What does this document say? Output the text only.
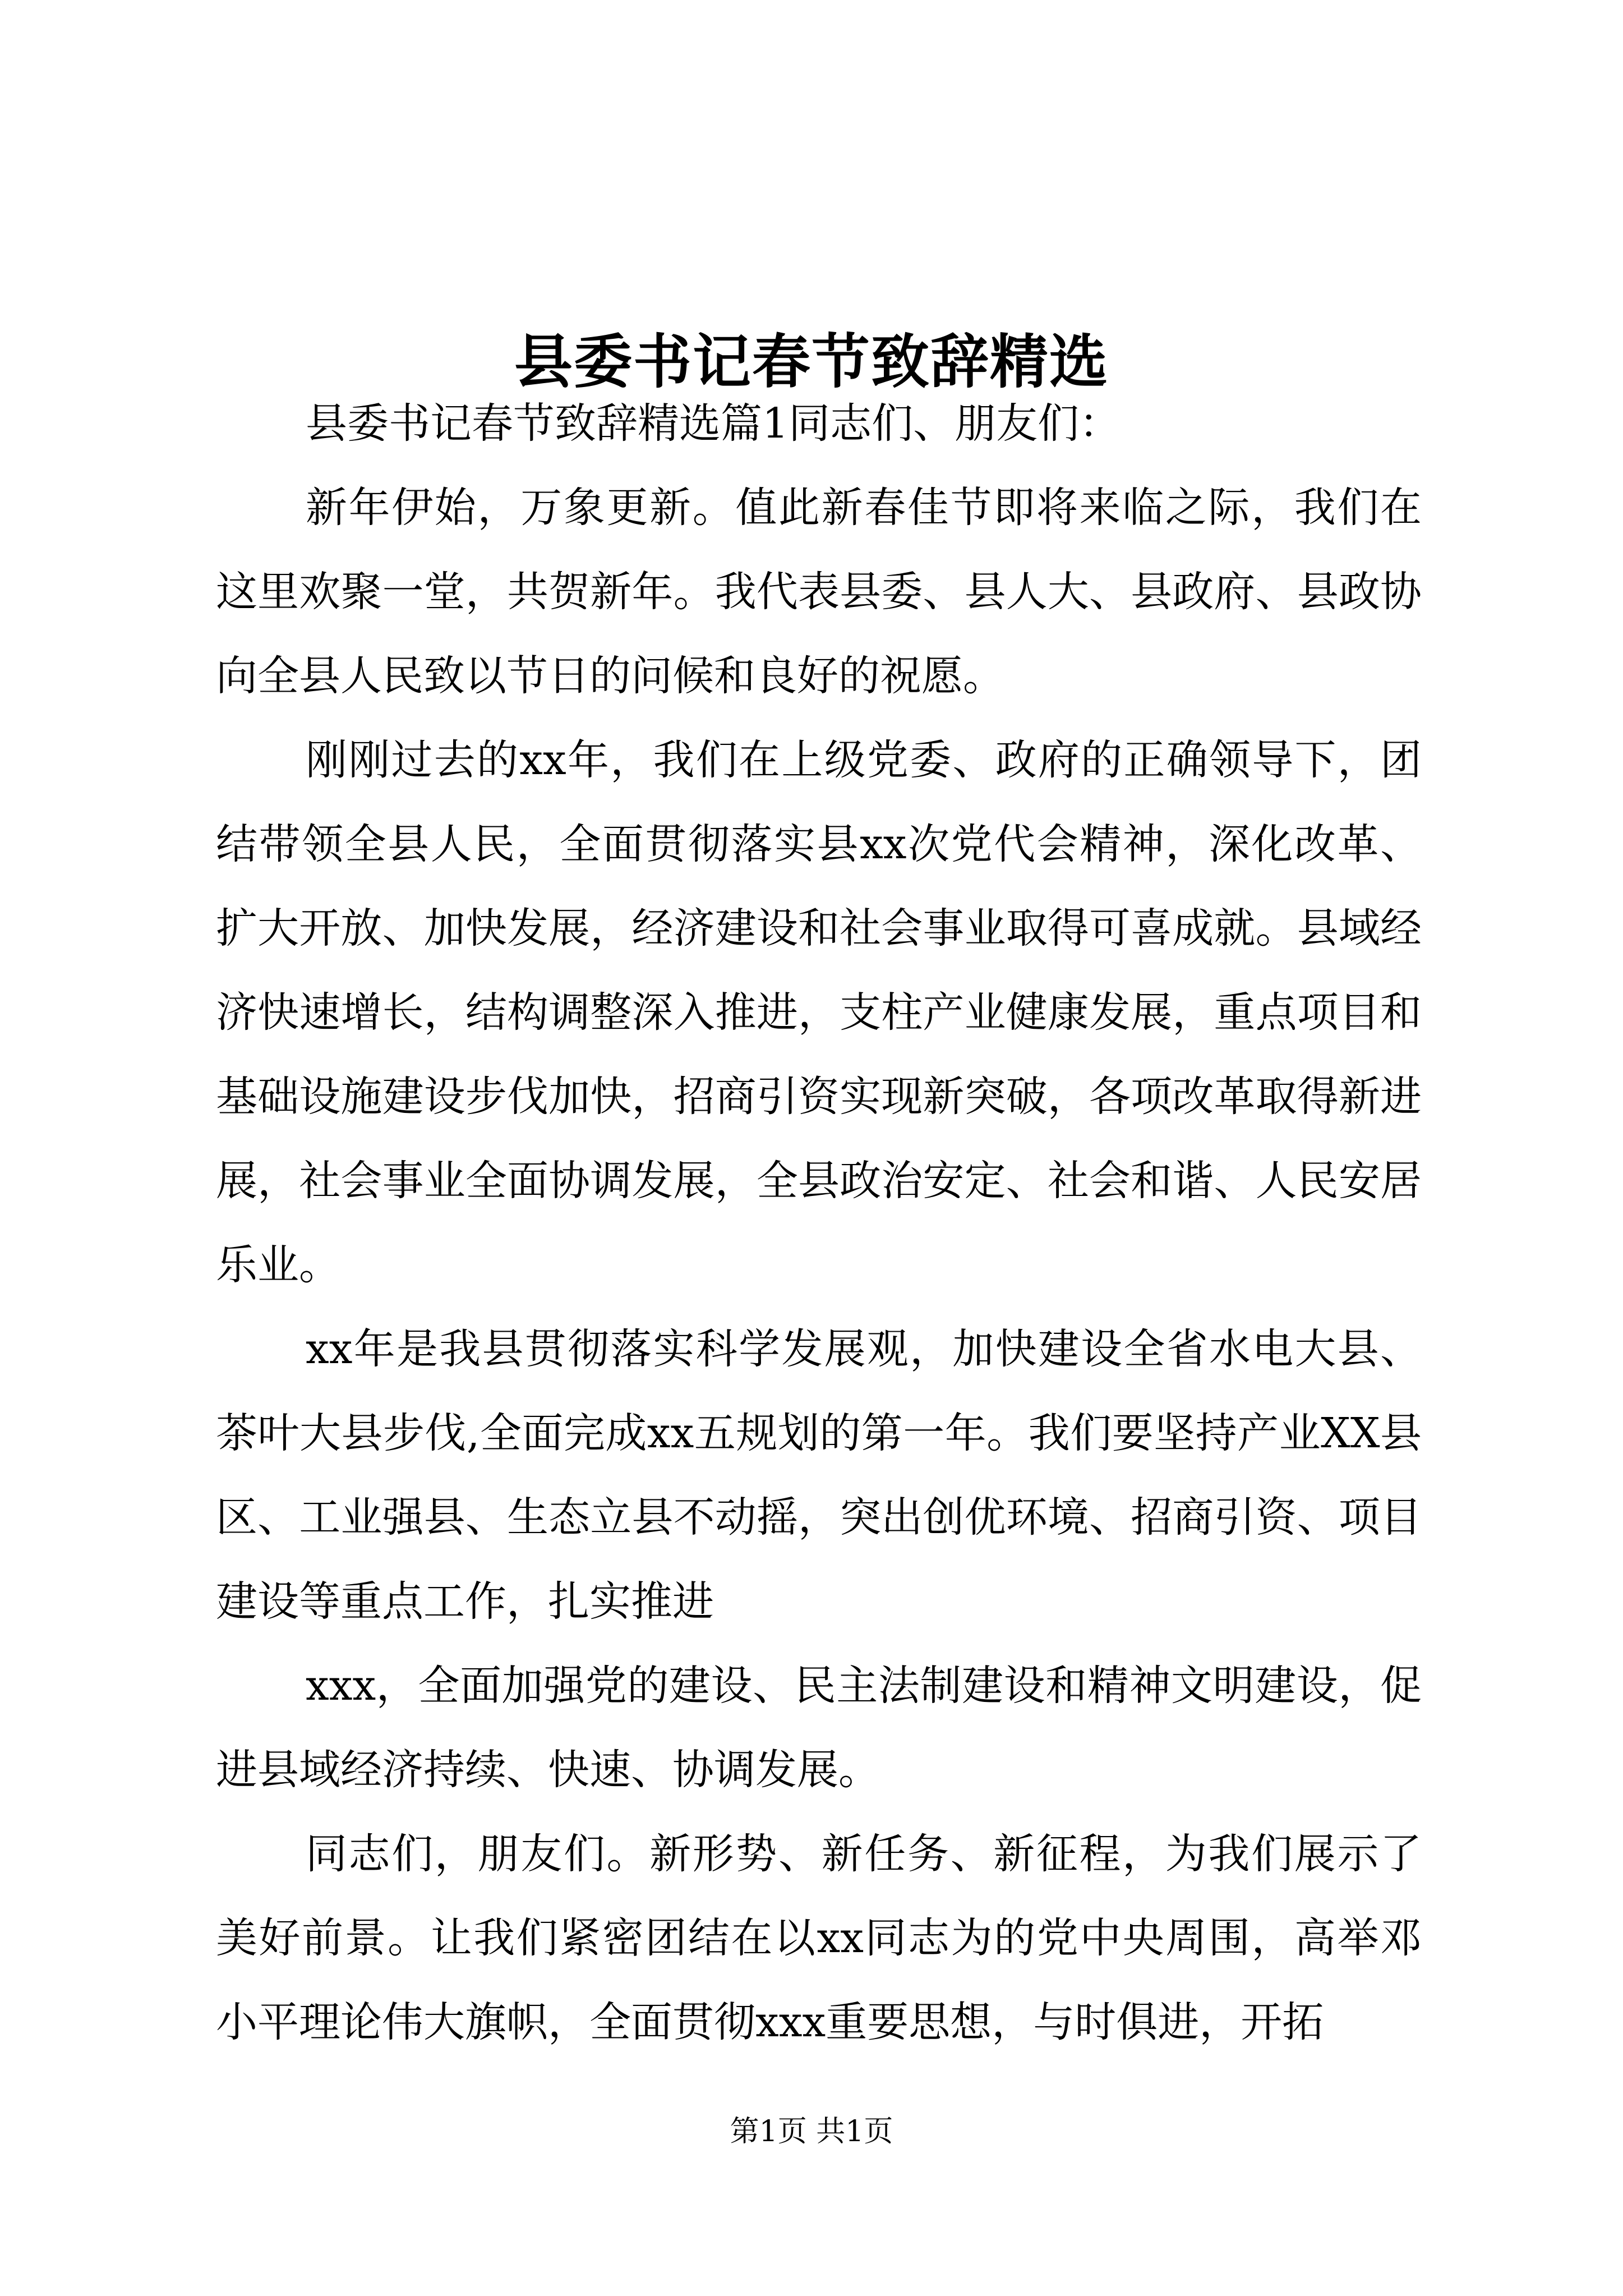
县委书记春节致辞精选

县委书记春节致辞精选篇1同志们、朋友们：

新年伊始，万象更新。值此新春佳节即将来临之际，我们在这里欢聚一堂，共贺新年。我代表县委、县人大、县政府、县政协向全县人民致以节日的问候和良好的祝愿。

刚刚过去的xx年，我们在上级党委、政府的正确领导下，团结带领全县人民，全面贯彻落实县xx次党代会精神，深化改革、扩大开放、加快发展，经济建设和社会事业取得可喜成就。县域经济快速增长，结构调整深入推进，支柱产业健康发展，重点项目和基础设施建设步伐加快，招商引资实现新突破，各项改革取得新进展，社会事业全面协调发展，全县政治安定、社会和谐、人民安居乐业。

xx年是我县贯彻落实科学发展观，加快建设全省水电大县、茶叶大县步伐,全面完成xx五规划的第一年。我们要坚持产业XX县区、工业强县、生态立县不动摇，突出创优环境、招商引资、项目建设等重点工作，扎实推进

xxx，全面加强党的建设、民主法制建设和精神文明建设，促进县域经济持续、快速、协调发展。

同志们，朋友们。新形势、新任务、新征程，为我们展示了美好前景。让我们紧密团结在以xx同志为的党中央周围，高举邓小平理论伟大旗帜，全面贯彻xxx重要思想，与时俱进，开拓

第1页 共1页
